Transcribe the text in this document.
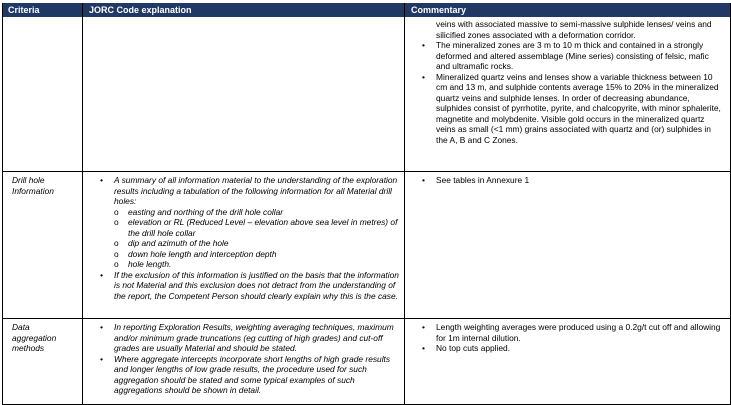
Criteria	JORC Code explanation	Commentary
veins with associated massive to semi-massive sulphide lenses/ veins and silicified zones associated with a deformation corridor.
• The mineralized zones are 3 m to 10 m thick and contained in a strongly deformed and altered assemblage (Mine series) consisting of felsic, mafic and ultramafic rocks.
• Mineralized quartz veins and lenses show a variable thickness between 10 cm and 13 m, and sulphide contents average 15% to 20% in the mineralized quartz veins and sulphide lenses. In order of decreasing abundance, sulphides consist of pyrrhotite, pyrite, and chalcopyrite, with minor sphalerite, magnetite and molybdenite. Visible gold occurs in the mineralized quartz veins as small (<1 mm) grains associated with quartz and (or) sulphides in the A, B and C Zones.
Drill hole Information
• A summary of all information material to the understanding of the exploration results including a tabulation of the following information for all Material drill holes:
o easting and northing of the drill hole collar
o elevation or RL (Reduced Level – elevation above sea level in metres) of the drill hole collar
o dip and azimuth of the hole
o down hole length and interception depth
o hole length.
• If the exclusion of this information is justified on the basis that the information is not Material and this exclusion does not detract from the understanding of the report, the Competent Person should clearly explain why this is the case.
• See tables in Annexure 1
Data aggregation methods
• In reporting Exploration Results, weighting averaging techniques, maximum and/or minimum grade truncations (eg cutting of high grades) and cut-off grades are usually Material and should be stated.
• Where aggregate intercepts incorporate short lengths of high grade results and longer lengths of low grade results, the procedure used for such aggregation should be stated and some typical examples of such aggregations should be shown in detail.
• Length weighting averages were produced using a 0.2g/t cut off and allowing for 1m internal dilution.
• No top cuts applied.
